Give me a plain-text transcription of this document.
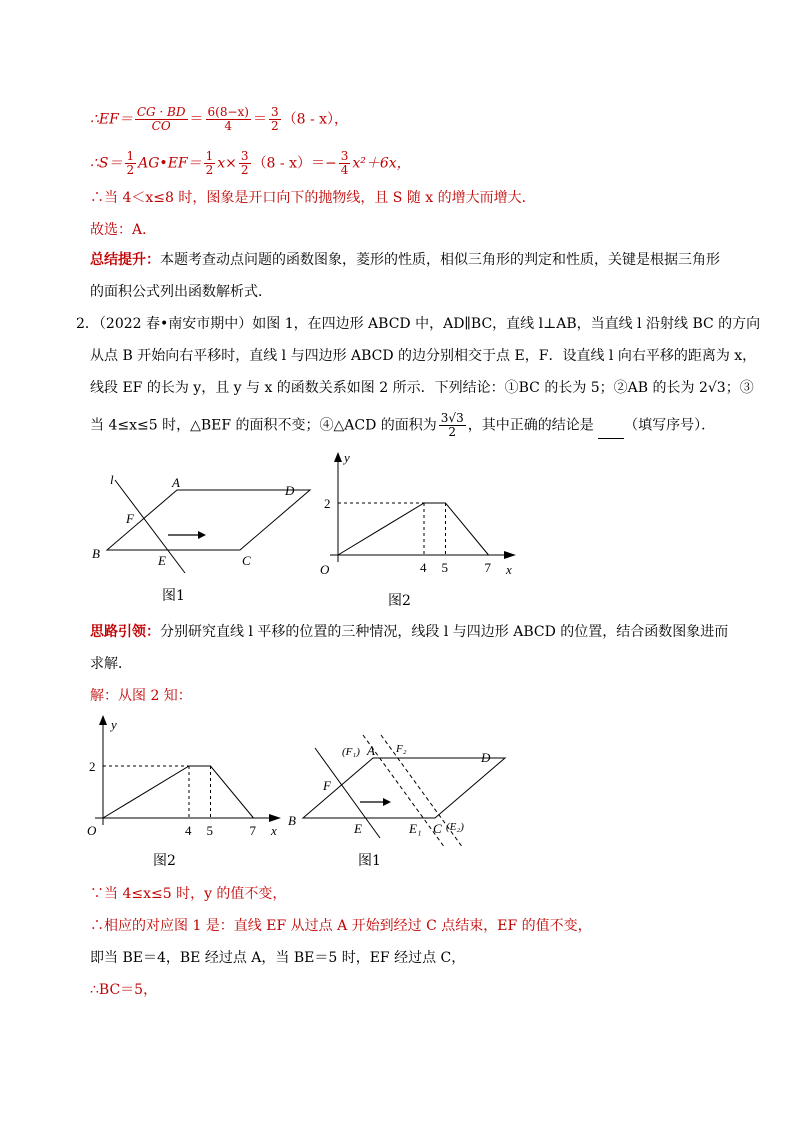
∴EF＝ $\frac{CG \cdot BD}{CO} = \frac{6(8-x)}{4} = \frac{3}{2} (8 - x)$，
∴S＝ $\frac{1}{2}$ AG•EF＝ $\frac{1}{2} x\times \frac{3}{2} (8 - x)=- \frac{3}{4} x^2+6x$，
∴当 4＜x≤8 时，图象是开口向下的抛物线，且 S 随 x 的增大而增大．
故选：A．
总结提升：本题考查动点问题的函数图象，菱形的性质，相似三角形的判定和性质，关键是根据三角形
的面积公式列出函数解析式．
2．（2022 春•南安市期中）如图 1，在四边形 ABCD 中，AD∥BC，直线 l⊥AB，当直线 l 沿射线 BC 的方向
从点 B 开始向右平移时，直线 l 与四边形 ABCD 的边分别相交于点 E，F．设直线 l 向右平移的距离为 x，
线段 EF 的长为 y，且 y 与 x 的函数关系如图 2 所示．下列结论：①BC 的长为 5；②AB 的长为 2√3；③
当 4≤x≤5 时，△BEF 的面积不变；④△ACD 的面积为 $\frac{3√3}{2}$ ，其中正确的结论是 （填写序号）．
l	A
D
F
B	E	C
图1
4 5	7
2
y
x
O
图2
思路引领：分别研究直线 l 平移的位置的三种情况，线段 l 与四边形 ABCD 的位置，结合函数图象进而
求解．
解：从图 2 知：
4 5	7
2
y
x
O
图2
B
E
F
(F₁) A F₂
D
E₁ C (E₂)
图1
∵当 4≤x≤5 时，y 的值不变，
∴相应的对应图 1 是：直线 EF 从过点 A 开始到经过 C 点结束，EF 的值不变，
即当 BE＝4，BE 经过点 A，当 BE＝5 时，EF 经过点 C，
∴BC＝5，
